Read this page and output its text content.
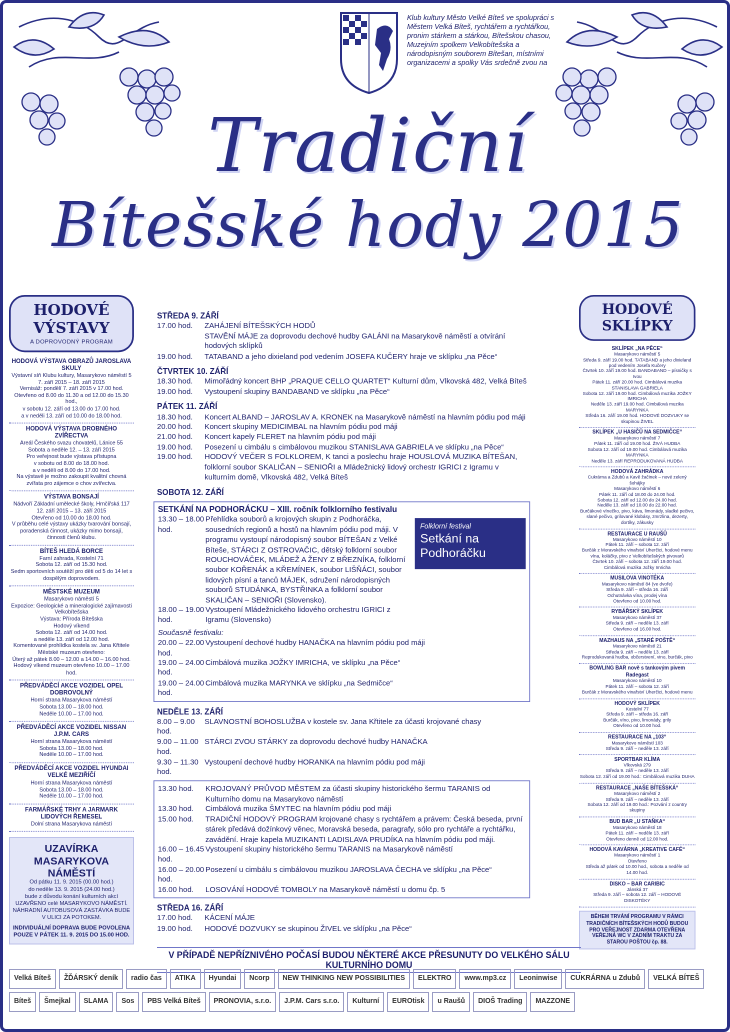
Klub kultury Město Velké Bíteš ve spolupráci s Městem Velká Bíteš, rychtářem a rychtářkou, pronim stárkem a stárkou, Bítešskou chasou, Muzejním spolkem Velkobítešska a národopisným souborem Bítešan, místními organizacemi a spolky Vás srdečně zvou na
Tradiční
Bítešské hody 2015
HODOVÉ
VÝSTAVY
A DOPROVODNÝ PROGRAM
HODOVÁ VÝSTAVA OBRAZŮ JAROSLAVA SKULY
Výstavní síň Klubu kultury, Masarykovo náměstí 5
7. září 2015 – 18. září 2015
Vernisáž: pondělí 7. září 2015 v 17.00 hod.
Otevřeno od 8.00 do 11.30 a od 12.00 do 15.30 hod.,
v sobotu 12. září od 13.00 do 17.00 hod.
a v neděli 13. září od 10.00 do 18.00 hod.
HODOVÁ VÝSTAVA DROBNÉHO ZVÍŘECTVA
Areál Českého svazu chovatelů, Lánice 55
Sobota a neděle 12. – 13. září 2015
Pro veřejnost bude výstava přístupna
v sobotu od 8.00 do 18.00 hod.
a v neděli od 8.00 do 17.00 hod.
Na výstavě je možno zakoupit kvalitní chovná zvířata pro zájemce o chov zvířectva.
VÝSTAVA BONSAJÍ
Nádvoří Základní umělecké školy, Hrnčířská 117
12. září 2015 – 13. září 2015
Otevřeno od 10.00 do 18.00 hod.
V průběhu celé výstavy ukázky tvarování bonsají, poradenská činnost, ukázky mimo bonsají, činnosti členů klubu.
BÍTEŠ HLEDÁ BORCE
Farní zahrada, Kostelní 71
Sobota 12. září od 15.30 hod.
Sedm sportovních soutěží pro děti od 5 do 14 let s dospělým doprovodem.
MĚSTSKÉ MUZEUM
Masarykovo náměstí 5
Expozice: Geologické a mineralogické zajímavosti Velkobítešska
Výstava: Příroda Bítešska
Hodový víkend
Sobota 12. září od 14.00 hod.
a neděle 13. září od 12.00 hod.
Komentované prohlídka kostela sv. Jana Křtitele
Městské muzeum otevřeno:
Úterý až pátek 8.00 – 12.00 a 14.00 – 16.00 hod.
Hodový víkend muzeum otevřeno 10.00 – 17.00 hod.
PŘEDVÁDĚCÍ AKCE VOZIDEL OPEL DOBROVOLNÝ
Horní strana Masarykova náměstí
Sobota 13.00 – 18.00 hod.
Neděle 10.00 – 17.00 hod.
PŘEDVÁDĚCÍ AKCE VOZIDEL NISSAN J.P.M. CARS
Horní strana Masarykova náměstí
Sobota 13.00 – 18.00 hod.
Neděle 10.00 – 17.00 hod.
PŘEDVÁDĚCÍ AKCE VOZIDEL HYUNDAI VELKÉ MEZIŘÍČÍ
Horní strana Masarykova náměstí
Sobota 13.00 – 18.00 hod.
Neděle 10.00 – 17.00 hod.
FARMÁŘSKÉ TRHY A JARMARK LIDOVÝCH ŘEMESEL
Dolní strana Masarykova náměstí
UZAVÍRKA
MASARYKOVA NÁMĚSTÍ
Od pátku 11. 9. 2015 (00.00 hod.)
do neděle 13. 9. 2015 (24.00 hod.)
bude z důvodu konání kulturních akcí
UZAVŘENO celé MASARYKOVO NÁMĚSTÍ.
NÁHRADNÍ AUTOBUSOVÁ ZASTÁVKA BUDE
V ULICI ZA POTOKEM.
INDIVIDUÁLNÍ DOPRAVA BUDE POVOLENA POUZE V PÁTEK 11. 9. 2015 DO 15.00 HOD.
HODOVÉ
SKLÍPKY
SKLÍPEK „NA PĚCE“
Masarykovo náměstí 5
Středa 9. září 19.00 hod. TATABAND a jeho dixieland pod vedením Josefa Kučery
Čtvrtek 10. září 19.00 hod. BANDABAND – písničky s Ivou
Pátek 11. září 20.00 hod. Cimbálová muzika STANISLAVA GABRIELA
Sobota 12. září 19.00 hod. Cimbálová muzika JOŽKY IMRICHA
Neděle 13. září 19.00 hod. Cimbálová muzika MARYNKA
Středa 16. září 19.00 hod. HODOVÉ DOZVUKY se skupinou ŽIVEL
SKLÍPEK „U HASIČŮ NA SEDMIČCE“
Masarykovo náměstí 7
Pátek 11. září od 19.00 hod. ŽIVÁ HUDBA
Sobota 12. září od 19.00 hod. Cimbálová muzika MARYNKA
Neděle 13. září REPRODUKOVANÁ HUDBA
HODOVÁ ZAHRÁDKA
Cukrárna a Zdubů a Kavě žačinek – nové zelený šohájky
Masarykovo náměstí 6
Pátek 11. září od 18.00 do 24.00 hod.
Sobota 12. září od 12.00 do 24.00 hod.
Neděle 13. září od 10.00 do 22.00 hod.
Burčákové vínečko, pivo, káva, limonády, sladké pečivo, slané pečivo, grilované klobásy, zmrzlina, dezerty, dortíky, zákusky
RESTAURACE U RAUŠŮ
Masarykovo náměstí 10
Pátek 11. září – sobota 12. září
Burčák z Moravského vinařství Uherčici, hodové menu
vína, koláčky, pivo z Velkobítešských pivovarů
Čtvrtek 10. září – sobota 12. září 19.00 hod.
Cimbálová muzika Jožky Imricha
MUSILOVA VINOTÉKA
Masarykovo náměstí 84 (ve dvoře)
Středa 9. září – středa 16. září
Ochutnávka vína, prodej vína
Otevřeno od 10.00 hod.
RYBÁŘSKÝ SKLÍPEK
Masarykovo náměstí 37
Středa 9. září – neděle 13. září
Otevřeno od 16.00 hod.
MAZHAUS NA „STARÉ POŠTĚ“
Masarykovo náměstí 21
Středa 9. září – neděle 13. září
Reprodukovaná hudba, občerstvení, vino, burčák, pivo
BOWLING BAR nově s tankovým pivem Radegast
Masarykovo náměstí 10
Pátek 11. září – sobota 12. září
Burčák z Moravského vinařství Uherčici, hodové menu
HODOVÝ SKLÍPEK
Kostelní 77
Středa 9. září – středa 16. září
Burčák, víno, pivo, limonády, grily
Otevřeno od 10.00 hod.
RESTAURACE NA „103“
Masarykovo náměstí 103
Středa 9. září – neděle 13. září
SPORTBAR KLÍMA
Vlkovská 279
Středa 9. září – neděle 13. září
Sobota 12. září od 19.00 hod.: Cimbálová muzika DUHA
RESTAURACE „NAŠE BÍTEŠSKÁ“
Masarykovo náměstí 2
Středa 9. září – neděle 13. září
Sobota 12. září od 19.00 hod.: Pozvání z country skupiny
BUD BAR „U STAŇKA“
Masarykovo náměstí 18
Pátek 11. září – neděle 13. září
Otevřeno denně od 12.00 hod.
HODOVÁ KAVÁRNA „KREATIVE CAFÉ“
Masarykovo náměstí 1
Otevřeno
Středa až pátek od 10.00 hod., sobota a neděle od 14.00 hod.
DISKO – BAR CARIBIC
Jánská 37
Středa 9. září – sobota 12. září – HODOVÉ DISKOTÉKY
BĚHEM TRVÁNÍ PROGRAMU V RÁMCI TRADIČNÍCH BÍTEŠSKÝCH HODŮ BUDOU PRO VEŘEJNOST ZDARMA OTEVŘENA VEŘEJNÁ WC V ZADNÍM TRAKTU ZA STAROU POŠTOU čp. 88.
STŘEDA 9. ZÁŘÍ
17.00 hod.	ZAHÁJENÍ BÍTEŠSKÝCH HODŮ
STAVĚNÍ MÁJE za doprovodu dechové hudby GALÁNI na Masarykově náměstí a otvírání hodových sklípků
19.00 hod.	TATABAND a jeho dixieland pod vedením JOSEFA KUČERY hraje ve sklípku „na Pěce“
ČTVRTEK 10. ZÁŘÍ
18.30 hod.	Mimořádný koncert BHP „PRAQUE CELLO QUARTET“ Kulturní dům, Vlkovská 482, Velká Bíteš
19.00 hod.	Vystoupení skupiny BANDABAND ve sklípku „na Pěce“
PÁTEK 11. ZÁŘÍ
18.30 hod.	Koncert ALBAND – JAROSLAV A. KRONEK na Masarykově náměstí na hlavním pódiu pod máji
20.00 hod.	Koncert skupiny MEDICIMBAL na hlavním pódiu pod máji
21.00 hod.	Koncert kapely FLERET na hlavním pódiu pod máji
19.00 hod.	Posezení u cimbálu s cimbálovou muzikou STANISLAVA GABRIELA ve sklípku „na Pěce“
19.00 hod.	HODOVÝ VEČER S FOLKLOREM, K tanci a poslechu hraje HOUSLOVÁ MUZIKA BÍTEŠAN, folklorní soubor SKALIČAN – SENIOŘI a Mládežnický lidový orchestr IGRICI z Igramu v kulturním domě, Vlkovská 482, Velká Bíteš
SOBOTA 12. ZÁŘÍ
SETKÁNÍ NA PODHORÁCKU – XIII. ročník folklorního festivalu
Folklorní festival
Setkání na
Podhoráčku
13.30 – 18.00 hod.
Přehlídka souborů a krojových skupin z Podhoráčka, sousedních regionů a hostů na hlavním pódiu pod máji. V programu vystoupí národopisný soubor BÍTEŠAN z Velké Bíteše, STÁRCI Z OSTROVAČIC, dětský folklorní soubor ROUCHOVÁČEK, MLÁDEŽ A ŽENY Z BŘEZNÍKA, folklorní soubor KOŘENÁK a KŘEMÍNEK, soubor LIŠŇÁCI, soubor lidových písní a tanců MÁJEK, sdružení národopisných souborů STUDÁNKA, BYSTŘINKA a folklorní soubor SKALIČAN – SENIOŘI (Slovensko).
18.00 – 19.00 hod.
Vystoupení Mládežnického lidového orchestru IGRICI z Igramu (Slovensko)
Současně festivalu:
20.00 – 22.00 hod.
Vystoupení dechové hudby HANAČKA na hlavním pódiu pod máji
19.00 – 24.00 hod.
Cimbálová muzika JOŽKY IMRICHA, ve sklípku „na Pěce“
19.00 – 24.00 hod.
Cimbálová muzika MARYNKA ve sklípku „na Sedmičce“
NEDĚLE 13. ZÁŘÍ
8.00 – 9.00 hod.
SLAVNOSTNÍ BOHOSLUŽBA v kostele sv. Jana Křtitele za účasti krojované chasy
9.00 – 11.00 hod.
STÁRCI ZVOU STÁRKY za doprovodu dechové hudby HANAČKA
9.30 – 11.30 hod.
Vystoupení dechové hudby HORANKA na hlavním pódiu pod máji
13.30 hod.	KROJOVANÝ PRŮVOD MĚSTEM za účasti skupiny historického šermu TARANIS od Kulturního domu na Masarykovo náměstí
13.30 hod.	Cimbálová muzika ŠMYTEC na hlavním pódiu pod máji
15.00 hod.	TRADIČNÍ HODOVÝ PROGRAM krojované chasy s rychtářem a právem: Česká beseda, první stárek předává dožínkový věnec, Moravská beseda, paragrafy, sólo pro rychtáře a rychtářku, zavádění. Hraje kapela MUZIKANTI LADISLAVA PRUDÍKA na hlavním pódiu pod máji.
16.00 – 16.45 hod.
Vystoupení skupiny historického šermu TARANIS na Masarykově náměstí
16.00 – 20.00 hod.
Posezení u cimbálu s cimbálovou muzikou JAROSLAVA ČECHA ve sklípku „na Pěce“
16.00 hod.	LOSOVÁNÍ HODOVÉ TOMBOLY na Masarykově náměstí u domu čp. 5
STŘEDA 16. ZÁŘÍ
17.00 hod.	KÁCENÍ MÁJE
19.00 hod.	HODOVÉ DOZVUKY se skupinou ŽIVEL ve sklípku „na Pěce“
V PŘÍPADĚ NEPŘÍZNIVÉHO POČASÍ BUDOU NĚKTERÉ AKCE PŘESUNUTY DO VELKÉHO SÁLU KULTURNÍHO DOMU
Velká Bíteš	ŽĎÁRSKÝ deník	radio čas	ATIKA	Hyundai	Ncorp	NEW THINKING NEW POSSIBILITIES	ELEKTRO	www.mp3.cz	Leoninwise	CUKRÁRNA u Zdubů	VELKÁ BÍTEŠ
Bíteš	Šmejkal	SLAMA	Sos	PBS Velká Bíteš	PRONOVIA, s.r.o.	J.P.M. Cars s.r.o.	Kulturní	EUROtisk	u Raušů	DIOŠ Trading	MAZZONE
